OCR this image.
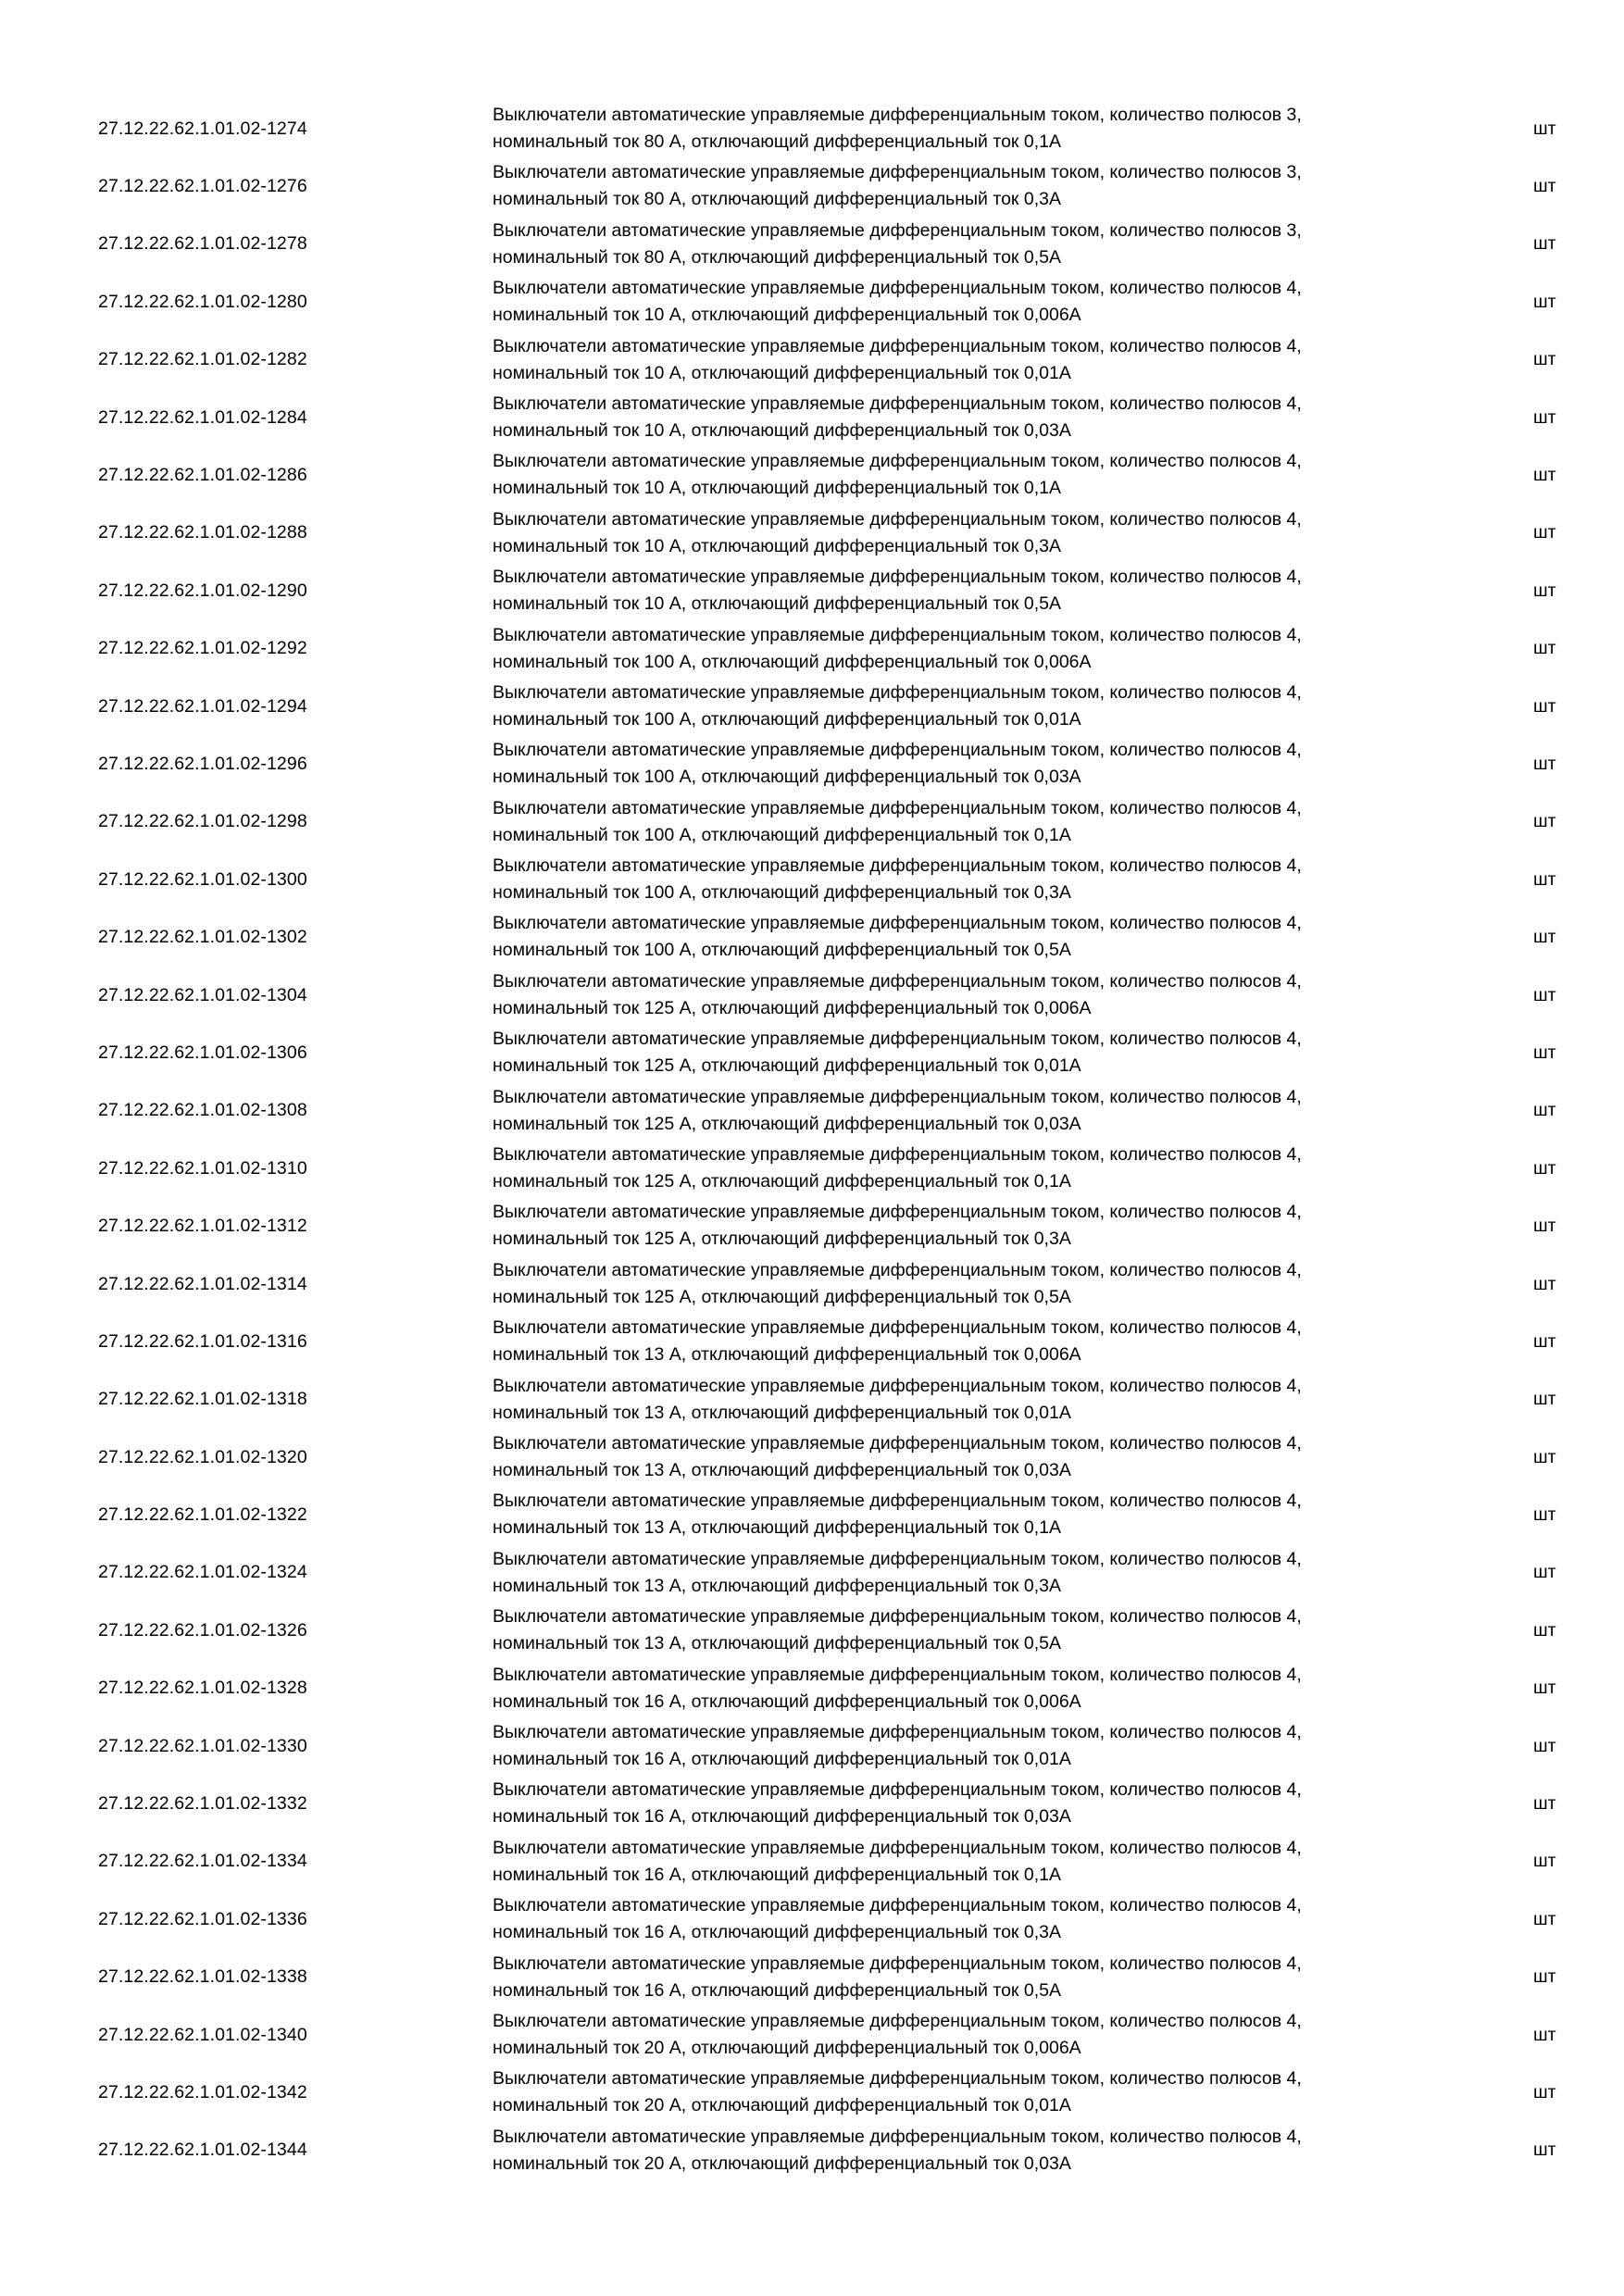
27.12.22.62.1.01.02-1274
Выключатели автоматические управляемые дифференциальным током, количество полюсов 3,
номинальный ток 80 А, отключающий дифференциальный ток 0,1А
шт
27.12.22.62.1.01.02-1276
Выключатели автоматические управляемые дифференциальным током, количество полюсов 3,
номинальный ток 80 А, отключающий дифференциальный ток 0,3А
шт
27.12.22.62.1.01.02-1278
Выключатели автоматические управляемые дифференциальным током, количество полюсов 3,
номинальный ток 80 А, отключающий дифференциальный ток 0,5А
шт
27.12.22.62.1.01.02-1280
Выключатели автоматические управляемые дифференциальным током, количество полюсов 4,
номинальный ток 10 А, отключающий дифференциальный ток 0,006А
шт
27.12.22.62.1.01.02-1282
Выключатели автоматические управляемые дифференциальным током, количество полюсов 4,
номинальный ток 10 А, отключающий дифференциальный ток 0,01А
шт
27.12.22.62.1.01.02-1284
Выключатели автоматические управляемые дифференциальным током, количество полюсов 4,
номинальный ток 10 А, отключающий дифференциальный ток 0,03А
шт
27.12.22.62.1.01.02-1286
Выключатели автоматические управляемые дифференциальным током, количество полюсов 4,
номинальный ток 10 А, отключающий дифференциальный ток 0,1А
шт
27.12.22.62.1.01.02-1288
Выключатели автоматические управляемые дифференциальным током, количество полюсов 4,
номинальный ток 10 А, отключающий дифференциальный ток 0,3А
шт
27.12.22.62.1.01.02-1290
Выключатели автоматические управляемые дифференциальным током, количество полюсов 4,
номинальный ток 10 А, отключающий дифференциальный ток 0,5А
шт
27.12.22.62.1.01.02-1292
Выключатели автоматические управляемые дифференциальным током, количество полюсов 4,
номинальный ток 100 А, отключающий дифференциальный ток 0,006А
шт
27.12.22.62.1.01.02-1294
Выключатели автоматические управляемые дифференциальным током, количество полюсов 4,
номинальный ток 100 А, отключающий дифференциальный ток 0,01А
шт
27.12.22.62.1.01.02-1296
Выключатели автоматические управляемые дифференциальным током, количество полюсов 4,
номинальный ток 100 А, отключающий дифференциальный ток 0,03А
шт
27.12.22.62.1.01.02-1298
Выключатели автоматические управляемые дифференциальным током, количество полюсов 4,
номинальный ток 100 А, отключающий дифференциальный ток 0,1А
шт
27.12.22.62.1.01.02-1300
Выключатели автоматические управляемые дифференциальным током, количество полюсов 4,
номинальный ток 100 А, отключающий дифференциальный ток 0,3А
шт
27.12.22.62.1.01.02-1302
Выключатели автоматические управляемые дифференциальным током, количество полюсов 4,
номинальный ток 100 А, отключающий дифференциальный ток 0,5А
шт
27.12.22.62.1.01.02-1304
Выключатели автоматические управляемые дифференциальным током, количество полюсов 4,
номинальный ток 125 А, отключающий дифференциальный ток 0,006А
шт
27.12.22.62.1.01.02-1306
Выключатели автоматические управляемые дифференциальным током, количество полюсов 4,
номинальный ток 125 А, отключающий дифференциальный ток 0,01А
шт
27.12.22.62.1.01.02-1308
Выключатели автоматические управляемые дифференциальным током, количество полюсов 4,
номинальный ток 125 А, отключающий дифференциальный ток 0,03А
шт
27.12.22.62.1.01.02-1310
Выключатели автоматические управляемые дифференциальным током, количество полюсов 4,
номинальный ток 125 А, отключающий дифференциальный ток 0,1А
шт
27.12.22.62.1.01.02-1312
Выключатели автоматические управляемые дифференциальным током, количество полюсов 4,
номинальный ток 125 А, отключающий дифференциальный ток 0,3А
шт
27.12.22.62.1.01.02-1314
Выключатели автоматические управляемые дифференциальным током, количество полюсов 4,
номинальный ток 125 А, отключающий дифференциальный ток 0,5А
шт
27.12.22.62.1.01.02-1316
Выключатели автоматические управляемые дифференциальным током, количество полюсов 4,
номинальный ток 13 А, отключающий дифференциальный ток 0,006А
шт
27.12.22.62.1.01.02-1318
Выключатели автоматические управляемые дифференциальным током, количество полюсов 4,
номинальный ток 13 А, отключающий дифференциальный ток 0,01А
шт
27.12.22.62.1.01.02-1320
Выключатели автоматические управляемые дифференциальным током, количество полюсов 4,
номинальный ток 13 А, отключающий дифференциальный ток 0,03А
шт
27.12.22.62.1.01.02-1322
Выключатели автоматические управляемые дифференциальным током, количество полюсов 4,
номинальный ток 13 А, отключающий дифференциальный ток 0,1А
шт
27.12.22.62.1.01.02-1324
Выключатели автоматические управляемые дифференциальным током, количество полюсов 4,
номинальный ток 13 А, отключающий дифференциальный ток 0,3А
шт
27.12.22.62.1.01.02-1326
Выключатели автоматические управляемые дифференциальным током, количество полюсов 4,
номинальный ток 13 А, отключающий дифференциальный ток 0,5А
шт
27.12.22.62.1.01.02-1328
Выключатели автоматические управляемые дифференциальным током, количество полюсов 4,
номинальный ток 16 А, отключающий дифференциальный ток 0,006А
шт
27.12.22.62.1.01.02-1330
Выключатели автоматические управляемые дифференциальным током, количество полюсов 4,
номинальный ток 16 А, отключающий дифференциальный ток 0,01А
шт
27.12.22.62.1.01.02-1332
Выключатели автоматические управляемые дифференциальным током, количество полюсов 4,
номинальный ток 16 А, отключающий дифференциальный ток 0,03А
шт
27.12.22.62.1.01.02-1334
Выключатели автоматические управляемые дифференциальным током, количество полюсов 4,
номинальный ток 16 А, отключающий дифференциальный ток 0,1А
шт
27.12.22.62.1.01.02-1336
Выключатели автоматические управляемые дифференциальным током, количество полюсов 4,
номинальный ток 16 А, отключающий дифференциальный ток 0,3А
шт
27.12.22.62.1.01.02-1338
Выключатели автоматические управляемые дифференциальным током, количество полюсов 4,
номинальный ток 16 А, отключающий дифференциальный ток 0,5А
шт
27.12.22.62.1.01.02-1340
Выключатели автоматические управляемые дифференциальным током, количество полюсов 4,
номинальный ток 20 А, отключающий дифференциальный ток 0,006А
шт
27.12.22.62.1.01.02-1342
Выключатели автоматические управляемые дифференциальным током, количество полюсов 4,
номинальный ток 20 А, отключающий дифференциальный ток 0,01А
шт
27.12.22.62.1.01.02-1344
Выключатели автоматические управляемые дифференциальным током, количество полюсов 4,
номинальный ток 20 А, отключающий дифференциальный ток 0,03А
шт
